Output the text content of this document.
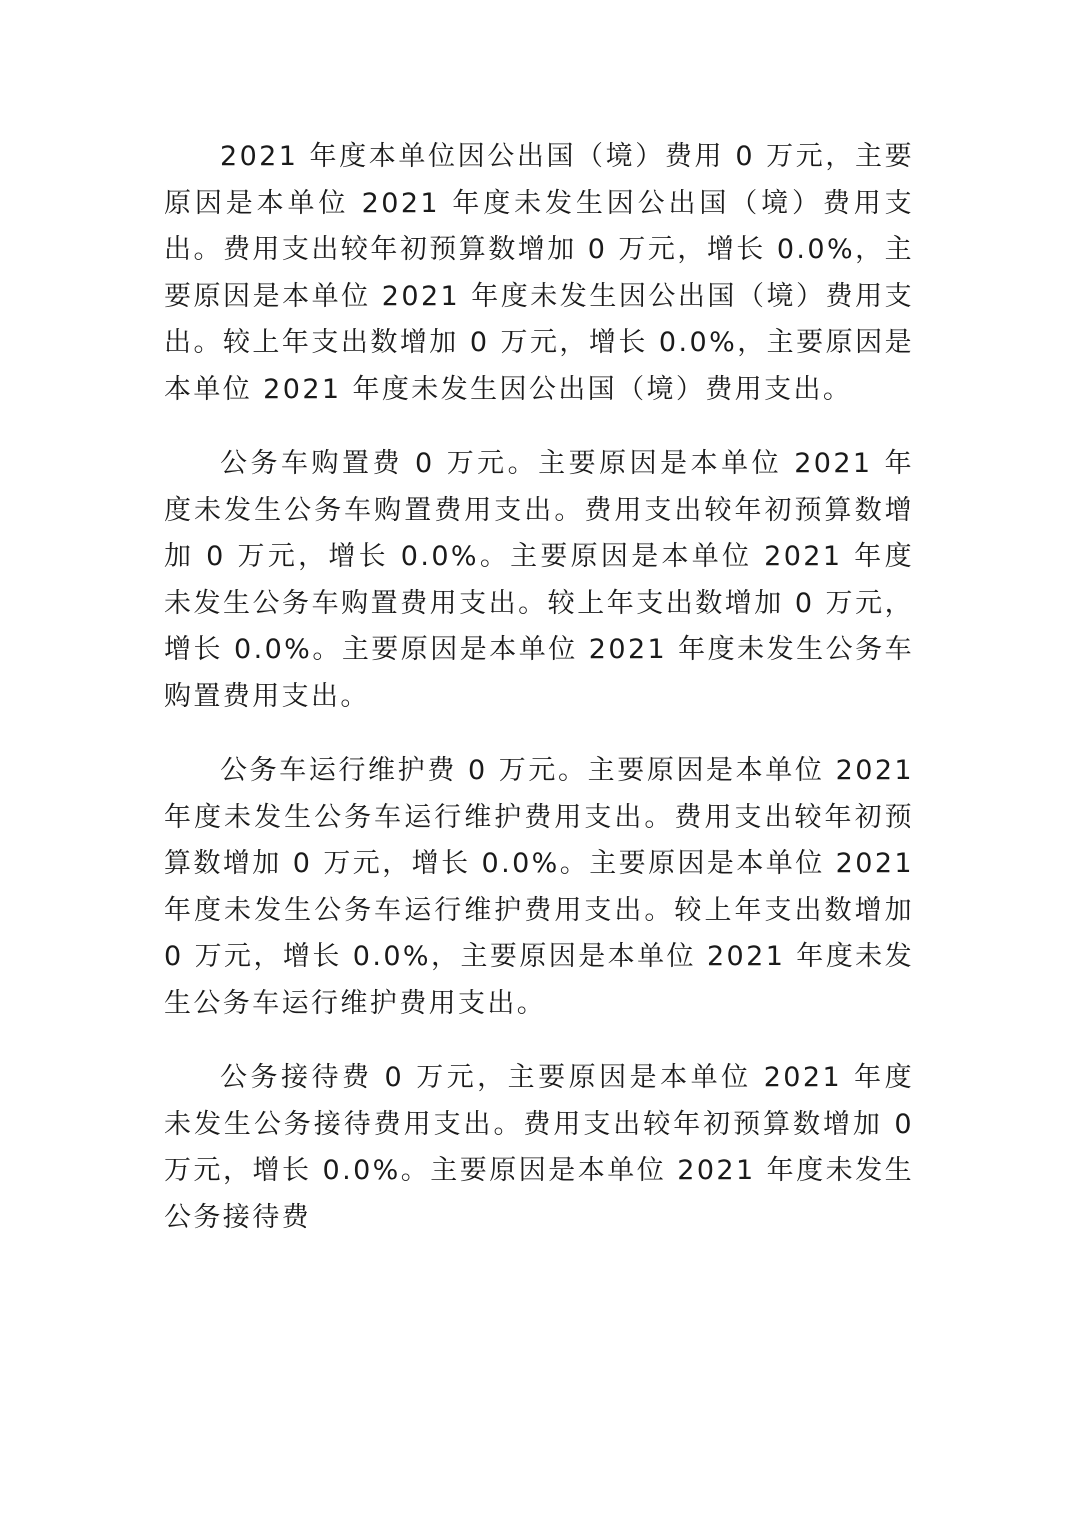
2021 年度本单位因公出国（境）费用 0 万元，主要原因是本单位 2021 年度未发生因公出国（境）费用支出。费用支出较年初预算数增加 0 万元，增长 0.0%，主要原因是本单位 2021 年度未发生因公出国（境）费用支出。较上年支出数增加 0 万元，增长 0.0%，主要原因是本单位 2021 年度未发生因公出国（境）费用支出。

公务车购置费 0 万元。主要原因是本单位 2021 年度未发生公务车购置费用支出。费用支出较年初预算数增加 0 万元，增长 0.0%。主要原因是本单位 2021 年度未发生公务车购置费用支出。较上年支出数增加 0 万元，增长 0.0%。主要原因是本单位 2021 年度未发生公务车购置费用支出。

公务车运行维护费 0 万元。主要原因是本单位 2021 年度未发生公务车运行维护费用支出。费用支出较年初预算数增加 0 万元，增长 0.0%。主要原因是本单位 2021 年度未发生公务车运行维护费用支出。较上年支出数增加 0 万元，增长 0.0%，主要原因是本单位 2021 年度未发生公务车运行维护费用支出。

公务接待费 0 万元，主要原因是本单位 2021 年度未发生公务接待费用支出。费用支出较年初预算数增加 0 万元，增长 0.0%。主要原因是本单位 2021 年度未发生公务接待费
